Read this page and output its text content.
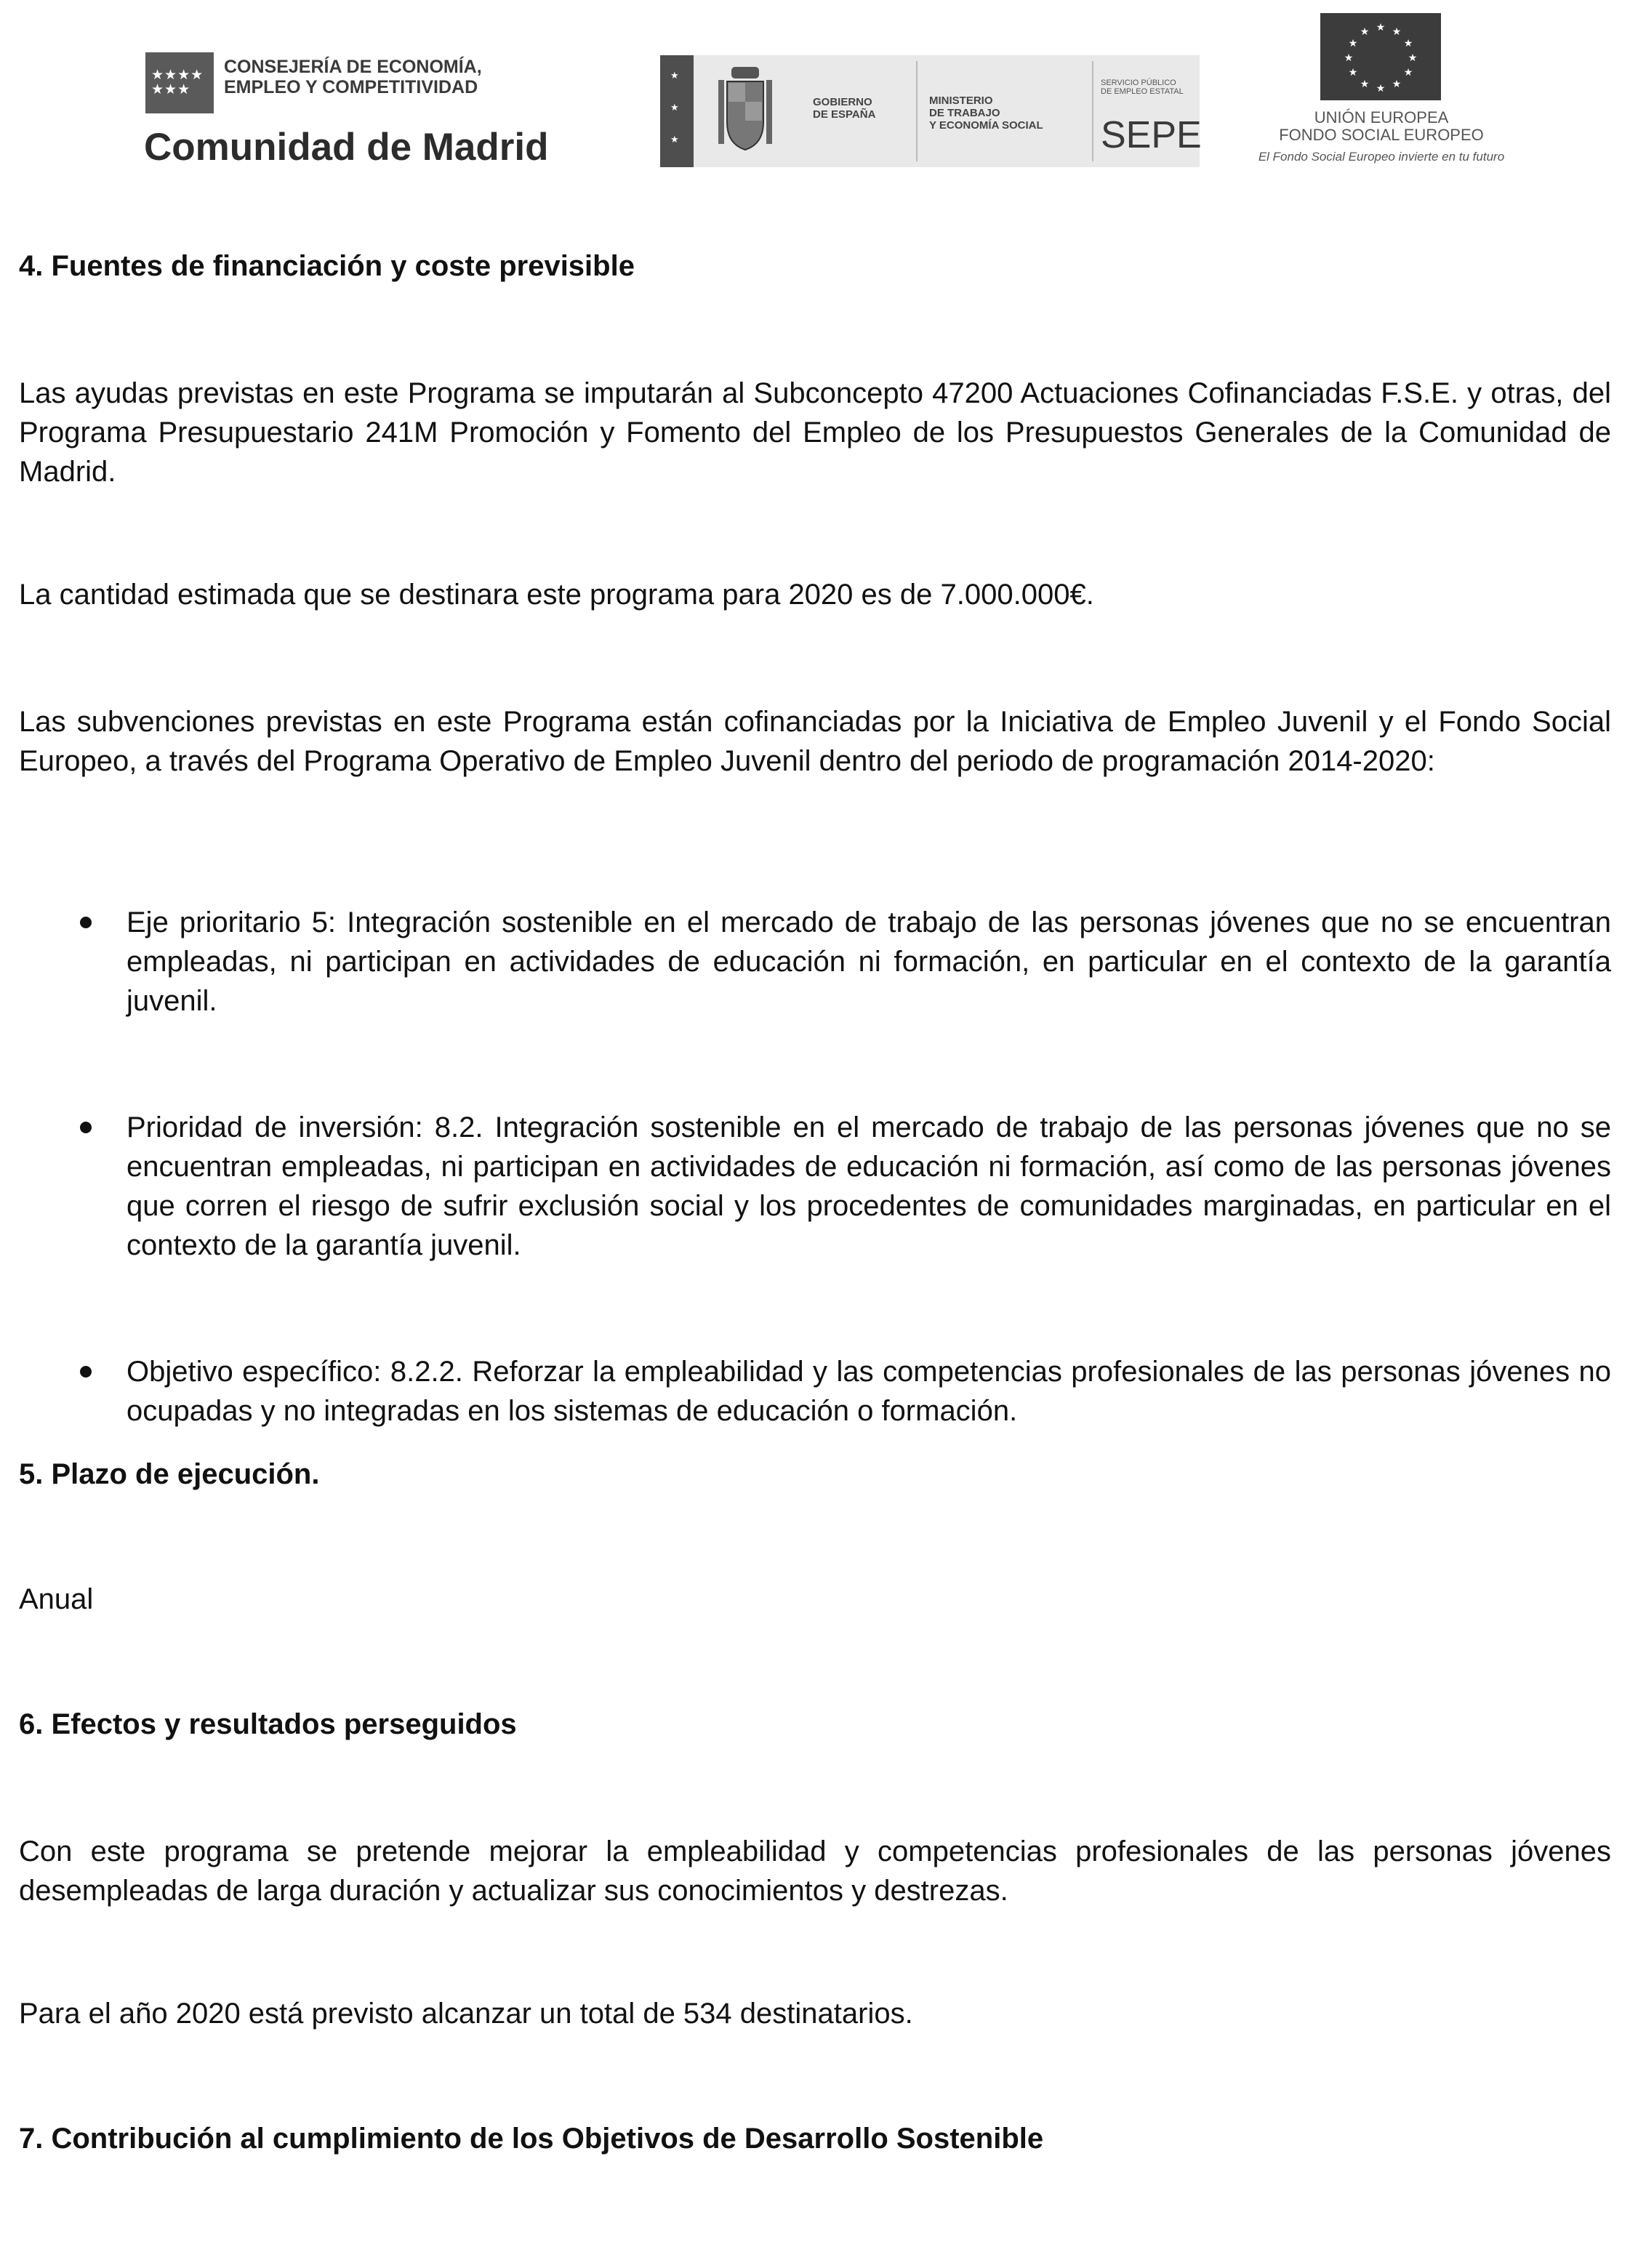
★★★★
★★★
CONSEJERÍA DE ECONOMÍA,
EMPLEO Y COMPETITIVIDAD
Comunidad de Madrid
★
★
★
GOBIERNO
DE ESPAÑA
MINISTERIO
DE TRABAJO
Y ECONOMÍA SOCIAL
SERVICIO PÚBLICO
DE EMPLEO ESTATAL
SEPE
★ ★
★
★
★
★
★
★
★
★
★
★
UNIÓN EUROPEA
FONDO SOCIAL EUROPEO
El Fondo Social Europeo invierte en tu futuro
4. Fuentes de financiación y coste previsible
Las ayudas previstas en este Programa se imputarán al Subconcepto 47200 Actuaciones Cofinanciadas F.S.E. y otras, del Programa Presupuestario 241M Promoción y Fomento del Empleo de los Presupuestos Generales de la Comunidad de Madrid.
La cantidad estimada que se destinara este programa para 2020 es de 7.000.000€.
Las subvenciones previstas en este Programa están cofinanciadas por la Iniciativa de Empleo Juvenil y el Fondo Social Europeo, a través del Programa Operativo de Empleo Juvenil dentro del periodo de programación 2014-2020:
Eje prioritario 5: Integración sostenible en el mercado de trabajo de las personas jóvenes que no se encuentran empleadas, ni participan en actividades de educación ni formación, en particular en el contexto de la garantía juvenil.
Prioridad de inversión: 8.2. Integración sostenible en el mercado de trabajo de las personas jóvenes que no se encuentran empleadas, ni participan en actividades de educación ni formación, así como de las personas jóvenes que corren el riesgo de sufrir exclusión social y los procedentes de comunidades marginadas, en particular en el contexto de la garantía juvenil.
Objetivo específico: 8.2.2. Reforzar la empleabilidad y las competencias profesionales de las personas jóvenes no ocupadas y no integradas en los sistemas de educación o formación.
5. Plazo de ejecución.
Anual
6. Efectos y resultados perseguidos
Con este programa se pretende mejorar la empleabilidad y competencias profesionales de las personas jóvenes desempleadas de larga duración y actualizar sus conocimientos y destrezas.
Para el año 2020 está previsto alcanzar un total de 534 destinatarios.
7. Contribución al cumplimiento de los Objetivos de Desarrollo Sostenible
